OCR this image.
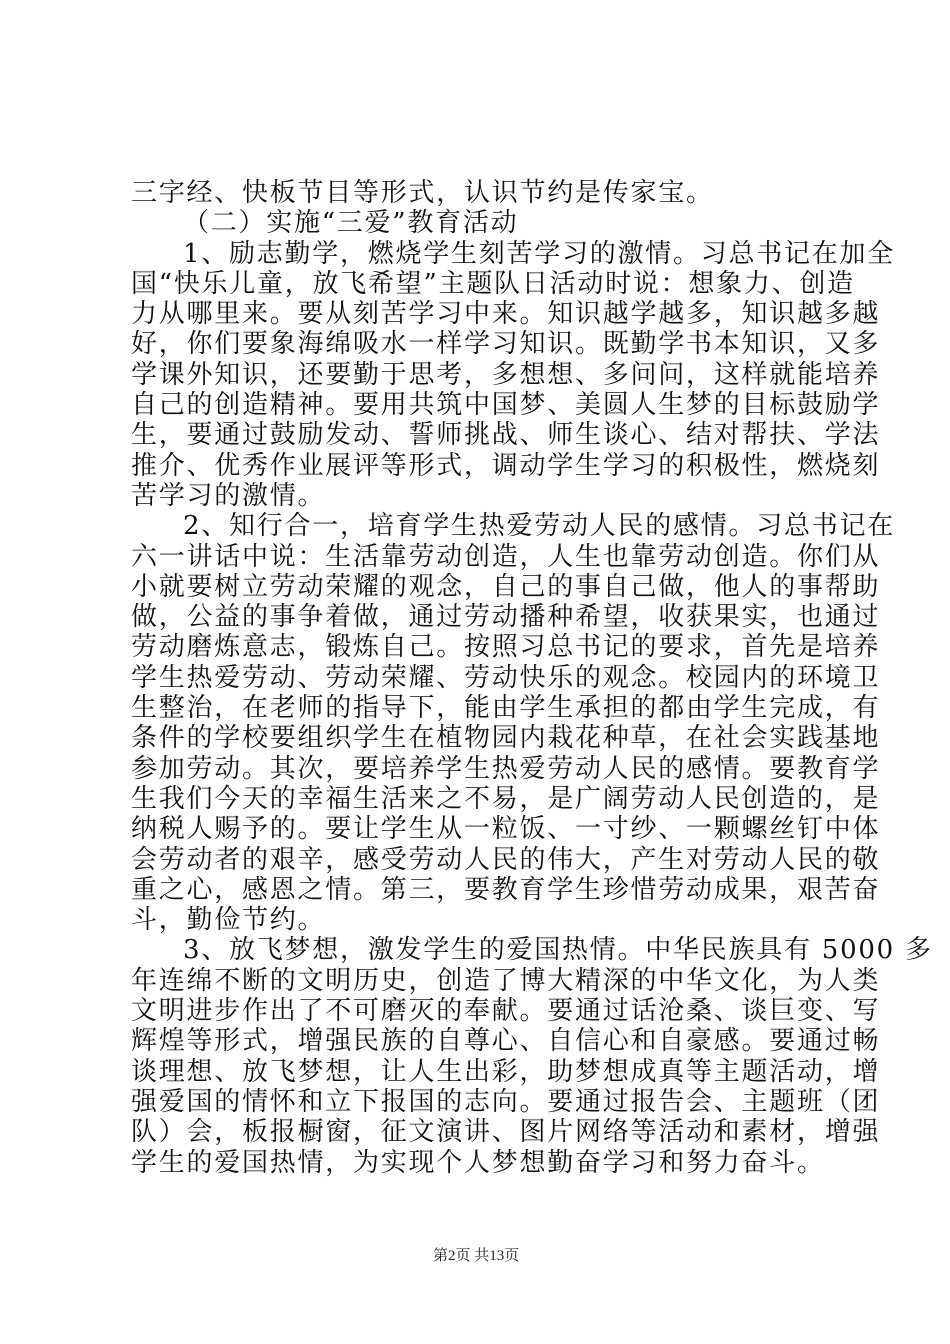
三字经、快板节目等形式，认识节约是传家宝。
（二）实施“三爱”教育活动
1、励志勤学，燃烧学生刻苦学习的激情。习总书记在加全
国“快乐儿童，放飞希望”主题队日活动时说：想象力、创造
力从哪里来。要从刻苦学习中来。知识越学越多，知识越多越
好，你们要象海绵吸水一样学习知识。既勤学书本知识，又多
学课外知识，还要勤于思考，多想想、多问问，这样就能培养
自己的创造精神。要用共筑中国梦、美圆人生梦的目标鼓励学
生，要通过鼓励发动、誓师挑战、师生谈心、结对帮扶、学法
推介、优秀作业展评等形式，调动学生学习的积极性，燃烧刻
苦学习的激情。
2、知行合一，培育学生热爱劳动人民的感情。习总书记在
六一讲话中说：生活靠劳动创造，人生也靠劳动创造。你们从
小就要树立劳动荣耀的观念，自己的事自己做，他人的事帮助
做，公益的事争着做，通过劳动播种希望，收获果实，也通过
劳动磨炼意志，锻炼自己。按照习总书记的要求，首先是培养
学生热爱劳动、劳动荣耀、劳动快乐的观念。校园内的环境卫
生整治，在老师的指导下，能由学生承担的都由学生完成，有
条件的学校要组织学生在植物园内栽花种草，在社会实践基地
参加劳动。其次，要培养学生热爱劳动人民的感情。要教育学
生我们今天的幸福生活来之不易，是广阔劳动人民创造的，是
纳税人赐予的。要让学生从一粒饭、一寸纱、一颗螺丝钉中体
会劳动者的艰辛，感受劳动人民的伟大，产生对劳动人民的敬
重之心，感恩之情。第三，要教育学生珍惜劳动成果，艰苦奋
斗，勤俭节约。
3、放飞梦想，激发学生的爱国热情。中华民族具有 5000 多
年连绵不断的文明历史，创造了博大精深的中华文化，为人类
文明进步作出了不可磨灭的奉献。要通过话沧桑、谈巨变、写
辉煌等形式，增强民族的自尊心、自信心和自豪感。要通过畅
谈理想、放飞梦想，让人生出彩，助梦想成真等主题活动，增
强爱国的情怀和立下报国的志向。要通过报告会、主题班（团
队）会，板报橱窗，征文演讲、图片网络等活动和素材，增强
学生的爱国热情，为实现个人梦想勤奋学习和努力奋斗。
第2页 共13页
